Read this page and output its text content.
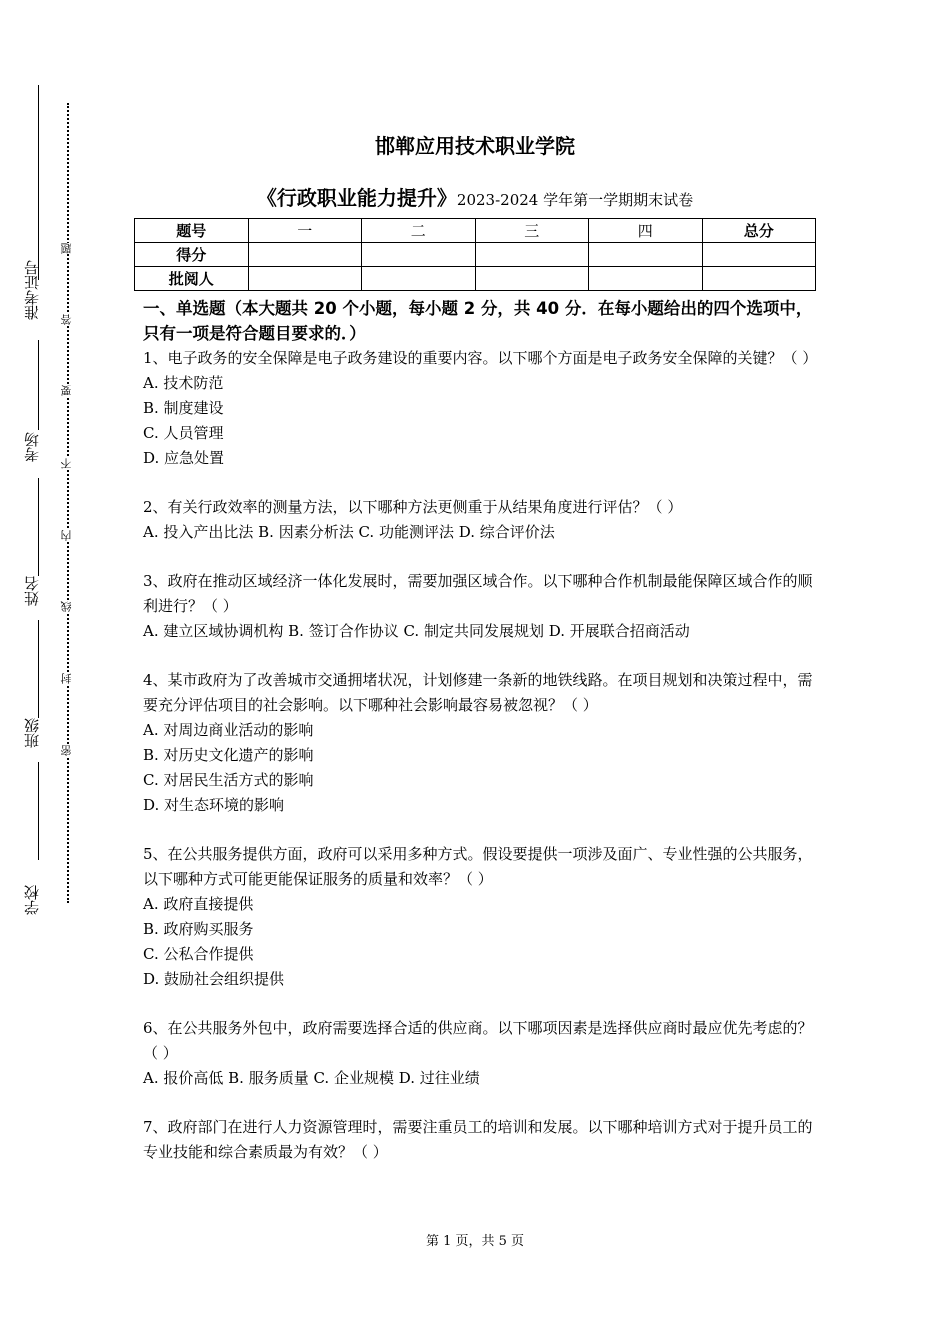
准考证号
考场
姓名
班级
学校
题
答
要
不
内
线
封
密
邯郸应用技术职业学院
《行政职业能力提升》2023-2024 学年第一学期期末试卷
题号	一	二	三	四	总分
得分					
批阅人					

一、单选题（本大题共 20 个小题，每小题 2 分，共 40 分．在每小题给出的四个选项中，只有一项是符合题目要求的．）

1、电子政务的安全保障是电子政务建设的重要内容。以下哪个方面是电子政务安全保障的关键？（ ）
A. 技术防范
B. 制度建设
C. 人员管理
D. 应急处置
2、有关行政效率的测量方法，以下哪种方法更侧重于从结果角度进行评估？（ ）
A. 投入产出比法 B. 因素分析法 C. 功能测评法 D. 综合评价法
3、政府在推动区域经济一体化发展时，需要加强区域合作。以下哪种合作机制最能保障区域合作的顺利进行？（ ）
A. 建立区域协调机构 B. 签订合作协议 C. 制定共同发展规划 D. 开展联合招商活动
4、某市政府为了改善城市交通拥堵状况，计划修建一条新的地铁线路。在项目规划和决策过程中，需要充分评估项目的社会影响。以下哪种社会影响最容易被忽视？（ ）
A. 对周边商业活动的影响
B. 对历史文化遗产的影响
C. 对居民生活方式的影响
D. 对生态环境的影响
5、在公共服务提供方面，政府可以采用多种方式。假设要提供一项涉及面广、专业性强的公共服务，以下哪种方式可能更能保证服务的质量和效率？（ ）
A. 政府直接提供
B. 政府购买服务
C. 公私合作提供
D. 鼓励社会组织提供
6、在公共服务外包中，政府需要选择合适的供应商。以下哪项因素是选择供应商时最应优先考虑的？（ ）
A. 报价高低 B. 服务质量 C. 企业规模 D. 过往业绩
7、政府部门在进行人力资源管理时，需要注重员工的培训和发展。以下哪种培训方式对于提升员工的专业技能和综合素质最为有效？（ ）
第 1 页，共 5 页
